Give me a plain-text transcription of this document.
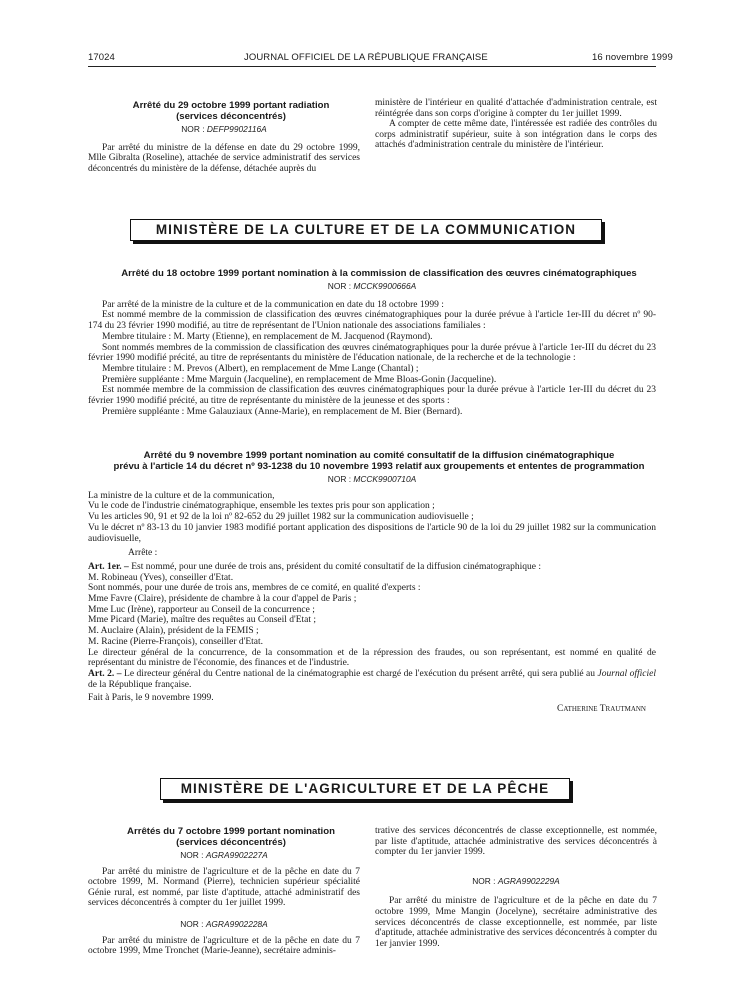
17024	JOURNAL OFFICIEL DE LA RÉPUBLIQUE FRANÇAISE	16 novembre 1999

Arrêté du 29 octobre 1999 portant radiation

(services déconcentrés)

NOR : DEFP9902116A

Par arrêté du ministre de la défense en date du 29 octobre 1999, Mlle Gibralta (Roseline), attachée de service administratif des services déconcentrés du ministère de la défense, détachée auprès du

ministère de l'intérieur en qualité d'attachée d'administration centrale, est réintégrée dans son corps d'origine à compter du 1er juillet 1999.

A compter de cette même date, l'intéressée est radiée des contrôles du corps administratif supérieur, suite à son intégration dans le corps des attachés d'administration centrale du ministère de l'intérieur.

MINISTÈRE DE LA CULTURE ET DE LA COMMUNICATION

Arrêté du 18 octobre 1999 portant nomination à la commission de classification des œuvres cinématographiques

NOR : MCCK9900666A

Par arrêté de la ministre de la culture et de la communication en date du 18 octobre 1999 :

Est nommé membre de la commission de classification des œuvres cinématographiques pour la durée prévue à l'article 1er-III du décret nº 90-174 du 23 février 1990 modifié, au titre de représentant de l'Union nationale des associations familiales :

Membre titulaire : M. Marty (Etienne), en remplacement de M. Jacquenod (Raymond).

Sont nommés membres de la commission de classification des œuvres cinématographiques pour la durée prévue à l'article 1er-III du décret du 23 février 1990 modifié précité, au titre de représentants du ministère de l'éducation nationale, de la recherche et de la technologie :

Membre titulaire : M. Prevos (Albert), en remplacement de Mme Lange (Chantal) ;

Première suppléante : Mme Marguin (Jacqueline), en remplacement de Mme Bloas-Gonin (Jacqueline).

Est nommée membre de la commission de classification des œuvres cinématographiques pour la durée prévue à l'article 1er-III du décret du 23 février 1990 modifié précité, au titre de représentante du ministère de la jeunesse et des sports :

Première suppléante : Mme Galauziaux (Anne-Marie), en remplacement de M. Bier (Bernard).

Arrêté du 9 novembre 1999 portant nomination au comité consultatif de la diffusion cinématographique

prévu à l'article 14 du décret nº 93-1238 du 10 novembre 1993 relatif aux groupements et ententes de programmation

NOR : MCCK9900710A

La ministre de la culture et de la communication,

Vu le code de l'industrie cinématographique, ensemble les textes pris pour son application ;

Vu les articles 90, 91 et 92 de la loi nº 82-652 du 29 juillet 1982 sur la communication audiovisuelle ;

Vu le décret nº 83-13 du 10 janvier 1983 modifié portant application des dispositions de l'article 90 de la loi du 29 juillet 1982 sur la communication audiovisuelle,

Arrête :

Art. 1er. – Est nommé, pour une durée de trois ans, président du comité consultatif de la diffusion cinématographique :

M. Robineau (Yves), conseiller d'Etat.

Sont nommés, pour une durée de trois ans, membres de ce comité, en qualité d'experts :

Mme Favre (Claire), présidente de chambre à la cour d'appel de Paris ;

Mme Luc (Irène), rapporteur au Conseil de la concurrence ;

Mme Picard (Marie), maître des requêtes au Conseil d'Etat ;

M. Auclaire (Alain), président de la FEMIS ;

M. Racine (Pierre-François), conseiller d'Etat.

Le directeur général de la concurrence, de la consommation et de la répression des fraudes, ou son représentant, est nommé en qualité de représentant du ministre de l'économie, des finances et de l'industrie.

Art. 2. – Le directeur général du Centre national de la cinématographie est chargé de l'exécution du présent arrêté, qui sera publié au Journal officiel de la République française.

Fait à Paris, le 9 novembre 1999.

Catherine Trautmann

MINISTÈRE DE L'AGRICULTURE ET DE LA PÊCHE

Arrêtés du 7 octobre 1999 portant nomination

(services déconcentrés)

NOR : AGRA9902227A

Par arrêté du ministre de l'agriculture et de la pêche en date du 7 octobre 1999, M. Normand (Pierre), technicien supérieur spécialité Génie rural, est nommé, par liste d'aptitude, attaché administratif des services déconcentrés à compter du 1er juillet 1999.

NOR : AGRA9902228A

Par arrêté du ministre de l'agriculture et de la pêche en date du 7 octobre 1999, Mme Tronchet (Marie-Jeanne), secrétaire adminis-

trative des services déconcentrés de classe exceptionnelle, est nommée, par liste d'aptitude, attachée administrative des services déconcentrés à compter du 1er janvier 1999.

NOR : AGRA9902229A

Par arrêté du ministre de l'agriculture et de la pêche en date du 7 octobre 1999, Mme Mangin (Jocelyne), secrétaire administrative des services déconcentrés de classe exceptionnelle, est nommée, par liste d'aptitude, attachée administrative des services déconcentrés à compter du 1er janvier 1999.
